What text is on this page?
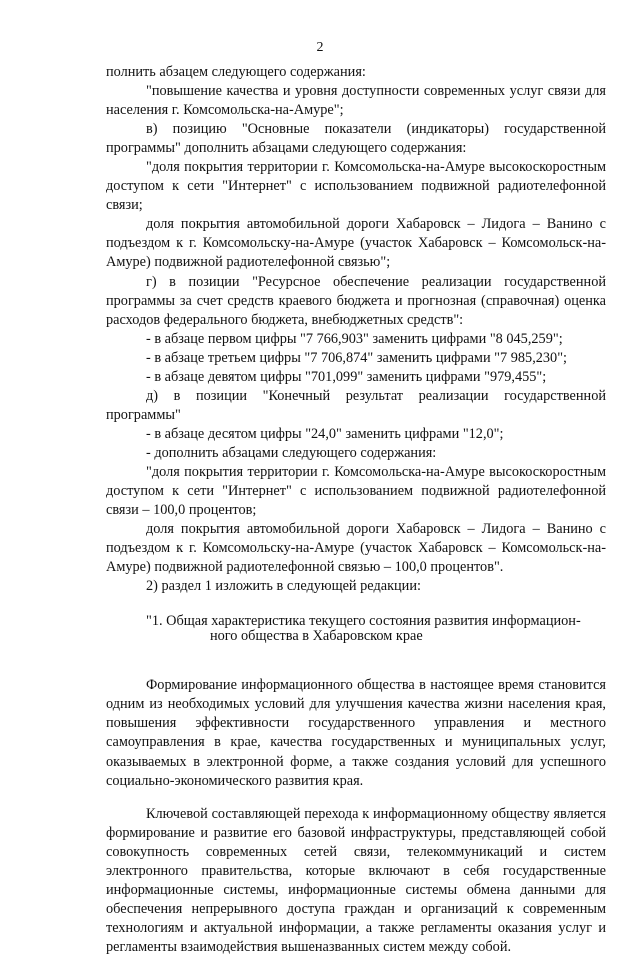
2

полнить абзацем следующего содержания:

"повышение качества и уровня доступности современных услуг связи для населения г. Комсомольска-на-Амуре";

в) позицию "Основные показатели (индикаторы) государственной программы" дополнить абзацами следующего содержания:

"доля покрытия территории г. Комсомольска-на-Амуре высокоскоростным доступом к сети "Интернет" с использованием подвижной радиотелефонной связи;

доля покрытия автомобильной дороги Хабаровск – Лидога – Ванино с подъездом к г. Комсомольску-на-Амуре (участок Хабаровск – Комсомольск-на-Амуре) подвижной радиотелефонной связью";

г) в позиции "Ресурсное обеспечение реализации государственной программы за счет средств краевого бюджета и прогнозная (справочная) оценка расходов федерального бюджета, внебюджетных средств":

- в абзаце первом цифры "7 766,903" заменить цифрами "8 045,259";

- в абзаце третьем цифры "7 706,874" заменить цифрами "7 985,230";

- в абзаце девятом цифры "701,099" заменить цифрами "979,455";

д) в позиции "Конечный результат реализации государственной программы"

- в абзаце десятом цифры "24,0" заменить цифрами "12,0";

- дополнить абзацами следующего содержания:

"доля покрытия территории г. Комсомольска-на-Амуре высокоскоростным доступом к сети "Интернет" с использованием подвижной радиотелефонной связи – 100,0 процентов;

доля покрытия автомобильной дороги Хабаровск – Лидога – Ванино с подъездом к г. Комсомольску-на-Амуре (участок Хабаровск – Комсомольск-на-Амуре) подвижной радиотелефонной связью – 100,0 процентов".

2) раздел 1 изложить в следующей редакции:

"1. Общая характеристика текущего состояния развития информацион-

ного общества в Хабаровском крае

Формирование информационного общества в настоящее время становится одним из необходимых условий для улучшения качества жизни населения края, повышения эффективности государственного управления и местного самоуправления в крае, качества государственных и муниципальных услуг, оказываемых в электронной форме, а также создания условий для успешного социально-экономического развития края.

Ключевой составляющей перехода к информационному обществу является формирование и развитие его базовой инфраструктуры, представляющей собой совокупность современных сетей связи, телекоммуникаций и систем электронного правительства, которые включают в себя государственные информационные системы, информационные системы обмена данными для обеспечения непрерывного доступа граждан и организаций к современным технологиям и актуальной информации, а также регламенты оказания услуг и регламенты взаимодействия вышеназванных систем между собой.
